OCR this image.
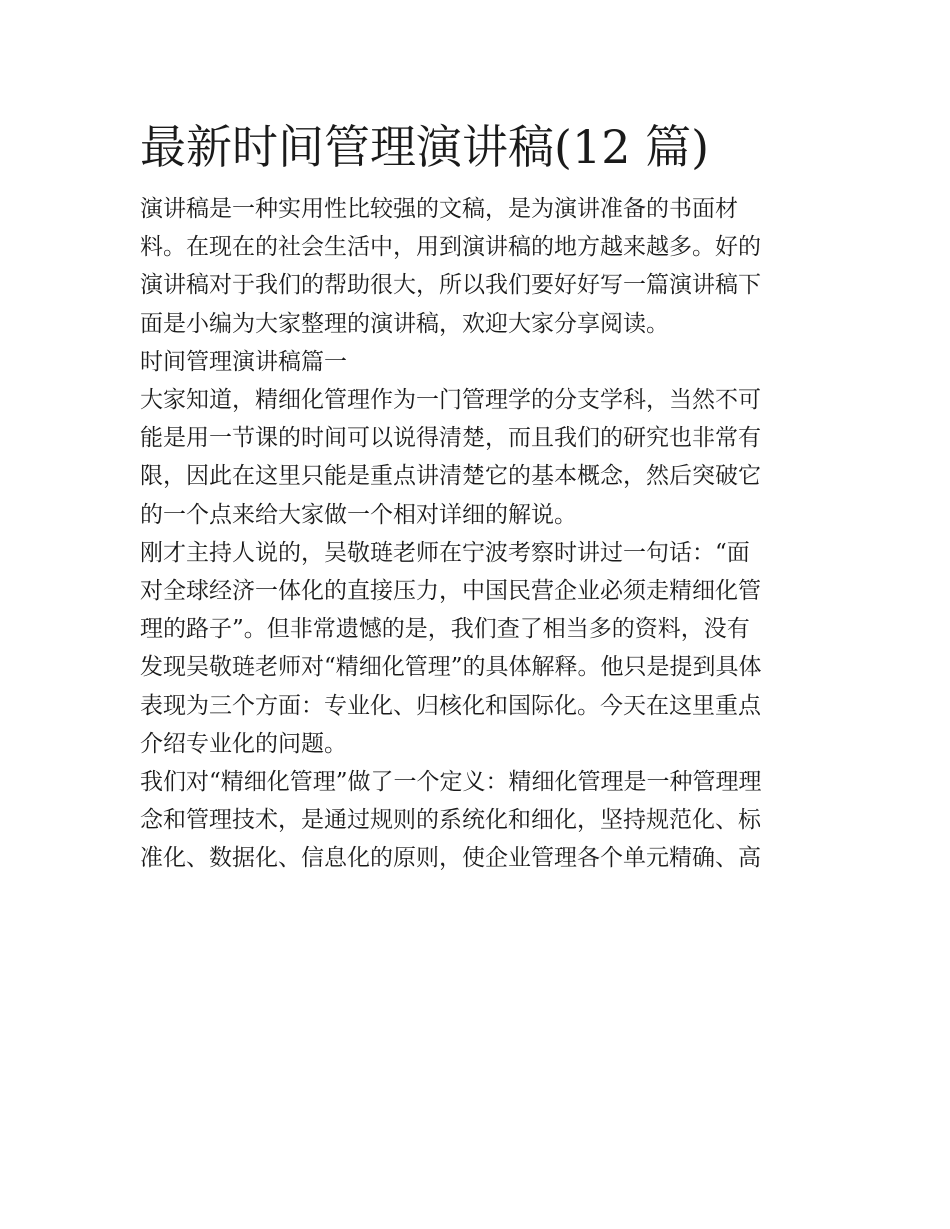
最新时间管理演讲稿(12 篇)
演讲稿是一种实用性比较强的文稿，是为演讲准备的书面材
料。在现在的社会生活中，用到演讲稿的地方越来越多。好的
演讲稿对于我们的帮助很大，所以我们要好好写一篇演讲稿下
面是小编为大家整理的演讲稿，欢迎大家分享阅读。
时间管理演讲稿篇一
大家知道，精细化管理作为一门管理学的分支学科，当然不可
能是用一节课的时间可以说得清楚，而且我们的研究也非常有
限，因此在这里只能是重点讲清楚它的基本概念，然后突破它
的一个点来给大家做一个相对详细的解说。
刚才主持人说的，吴敬琏老师在宁波考察时讲过一句话：“面
对全球经济一体化的直接压力，中国民营企业必须走精细化管
理的路子”。但非常遗憾的是，我们查了相当多的资料，没有
发现吴敬琏老师对“精细化管理”的具体解释。他只是提到具体
表现为三个方面：专业化、归核化和国际化。今天在这里重点
介绍专业化的问题。
我们对“精细化管理”做了一个定义：精细化管理是一种管理理
念和管理技术，是通过规则的系统化和细化，坚持规范化、标
准化、数据化、信息化的原则，使企业管理各个单元精确、高
